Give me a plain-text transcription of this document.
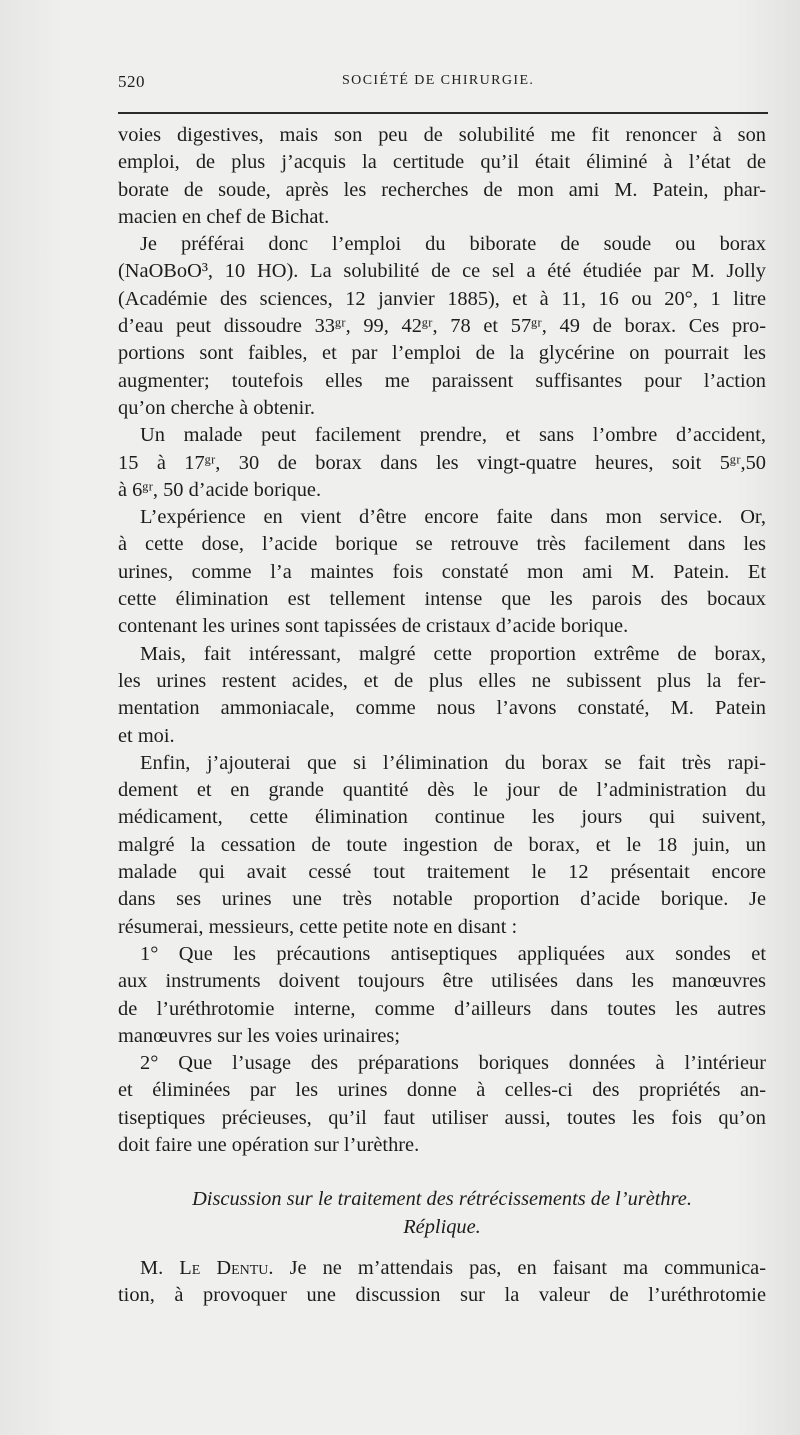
520	SOCIÉTÉ DE CHIRURGIE.
voies digestives, mais son peu de solubilité me fit renoncer à son
emploi, de plus j’acquis la certitude qu’il était éliminé à l’état de
borate de soude, après les recherches de mon ami M. Patein, phar-
macien en chef de Bichat.
Je préférai donc l’emploi du biborate de soude ou borax
(NaOBoO³, 10 HO). La solubilité de ce sel a été étudiée par M. Jolly
(Académie des sciences, 12 janvier 1885), et à 11, 16 ou 20°, 1 litre
d’eau peut dissoudre 33ᵍʳ, 99, 42ᵍʳ, 78 et 57ᵍʳ, 49 de borax. Ces pro-
portions sont faibles, et par l’emploi de la glycérine on pourrait les
augmenter; toutefois elles me paraissent suffisantes pour l’action
qu’on cherche à obtenir.
Un malade peut facilement prendre, et sans l’ombre d’accident,
15 à 17ᵍʳ, 30 de borax dans les vingt-quatre heures, soit 5ᵍʳ,50
à 6ᵍʳ, 50 d’acide borique.
L’expérience en vient d’être encore faite dans mon service. Or,
à cette dose, l’acide borique se retrouve très facilement dans les
urines, comme l’a maintes fois constaté mon ami M. Patein. Et
cette élimination est tellement intense que les parois des bocaux
contenant les urines sont tapissées de cristaux d’acide borique.
Mais, fait intéressant, malgré cette proportion extrême de borax,
les urines restent acides, et de plus elles ne subissent plus la fer-
mentation ammoniacale, comme nous l’avons constaté, M. Patein
et moi.
Enfin, j’ajouterai que si l’élimination du borax se fait très rapi-
dement et en grande quantité dès le jour de l’administration du
médicament, cette élimination continue les jours qui suivent,
malgré la cessation de toute ingestion de borax, et le 18 juin, un
malade qui avait cessé tout traitement le 12 présentait encore
dans ses urines une très notable proportion d’acide borique. Je
résumerai, messieurs, cette petite note en disant :
1° Que les précautions antiseptiques appliquées aux sondes et
aux instruments doivent toujours être utilisées dans les manœuvres
de l’uréthrotomie interne, comme d’ailleurs dans toutes les autres
manœuvres sur les voies urinaires;
2° Que l’usage des préparations boriques données à l’intérieur
et éliminées par les urines donne à celles-ci des propriétés an-
tiseptiques précieuses, qu’il faut utiliser aussi, toutes les fois qu’on
doit faire une opération sur l’urèthre.
Discussion sur le traitement des rétrécissements de l’urèthre.
Réplique.
M. Le Dentu. Je ne m’attendais pas, en faisant ma communica-
tion, à provoquer une discussion sur la valeur de l’uréthrotomie
